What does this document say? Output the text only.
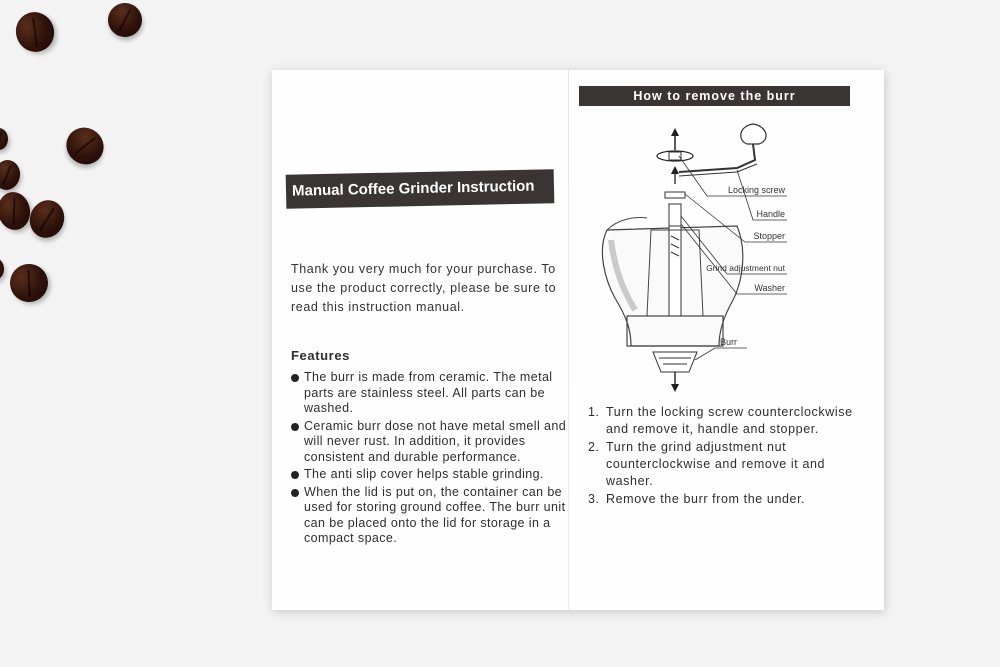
Manual Coffee Grinder Instruction

Thank you very much for your purchase. To use the product correctly, please be sure to read this instruction manual.

Features
The burr is made from ceramic. The metal parts are stainless steel. All parts can be washed.
Ceramic burr dose not have metal smell and will never rust. In addition, it provides consistent and durable performance.
The anti slip cover helps stable grinding.
When the lid is put on, the container can be used for storing ground coffee. The burr unit can be placed onto the lid for storage in a compact space.
How to remove the burr
Locking screw
Handle
Stopper
Grind adjustment nut
Washer
Burr
1. Turn the locking screw counterclockwise and remove it, handle and stopper.
2. Turn the grind adjustment nut counterclockwise and remove it and washer.
3. Remove the burr from the under.
